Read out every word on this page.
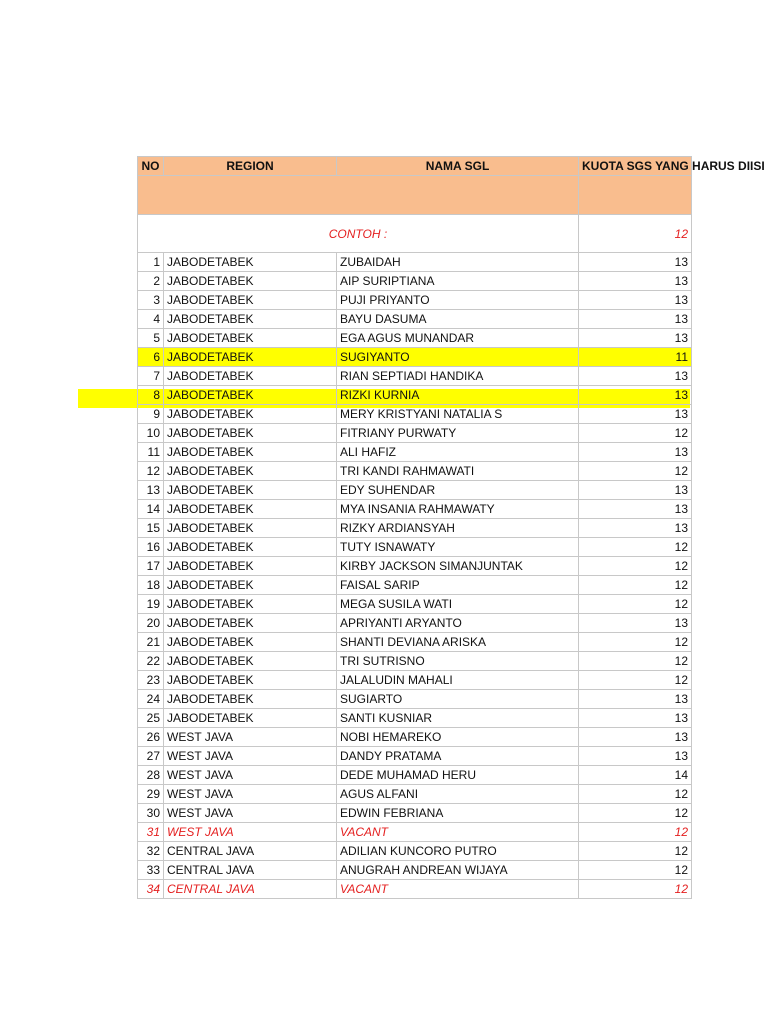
NO	REGION	NAMA SGL	KUOTA SGS YANG HARUS DIISI

CONTOH :			12
1	JABODETABEK	ZUBAIDAH	13
2	JABODETABEK	AIP SURIPTIANA	13
3	JABODETABEK	PUJI PRIYANTO	13
4	JABODETABEK	BAYU DASUMA	13
5	JABODETABEK	EGA AGUS MUNANDAR	13
6	JABODETABEK	SUGIYANTO	11
7	JABODETABEK	RIAN SEPTIADI HANDIKA	13
8	JABODETABEK	RIZKI KURNIA	13
9	JABODETABEK	MERY KRISTYANI NATALIA S	13
10	JABODETABEK	FITRIANY PURWATY	12
11	JABODETABEK	ALI HAFIZ	13
12	JABODETABEK	TRI KANDI RAHMAWATI	12
13	JABODETABEK	EDY SUHENDAR	13
14	JABODETABEK	MYA INSANIA RAHMAWATY	13
15	JABODETABEK	RIZKY ARDIANSYAH	13
16	JABODETABEK	TUTY ISNAWATY	12
17	JABODETABEK	KIRBY JACKSON SIMANJUNTAK	12
18	JABODETABEK	FAISAL SARIP	12
19	JABODETABEK	MEGA SUSILA WATI	12
20	JABODETABEK	APRIYANTI ARYANTO	13
21	JABODETABEK	SHANTI DEVIANA ARISKA	12
22	JABODETABEK	TRI SUTRISNO	12
23	JABODETABEK	JALALUDIN MAHALI	12
24	JABODETABEK	SUGIARTO	13
25	JABODETABEK	SANTI KUSNIAR	13
26	WEST JAVA	NOBI HEMAREKO	13
27	WEST JAVA	DANDY PRATAMA	13
28	WEST JAVA	DEDE MUHAMAD HERU	14
29	WEST JAVA	AGUS ALFANI	12
30	WEST JAVA	EDWIN FEBRIANA	12
31	WEST JAVA	VACANT	12
32	CENTRAL JAVA	ADILIAN KUNCORO PUTRO	12
33	CENTRAL JAVA	ANUGRAH ANDREAN WIJAYA	12
34	CENTRAL JAVA	VACANT	12
